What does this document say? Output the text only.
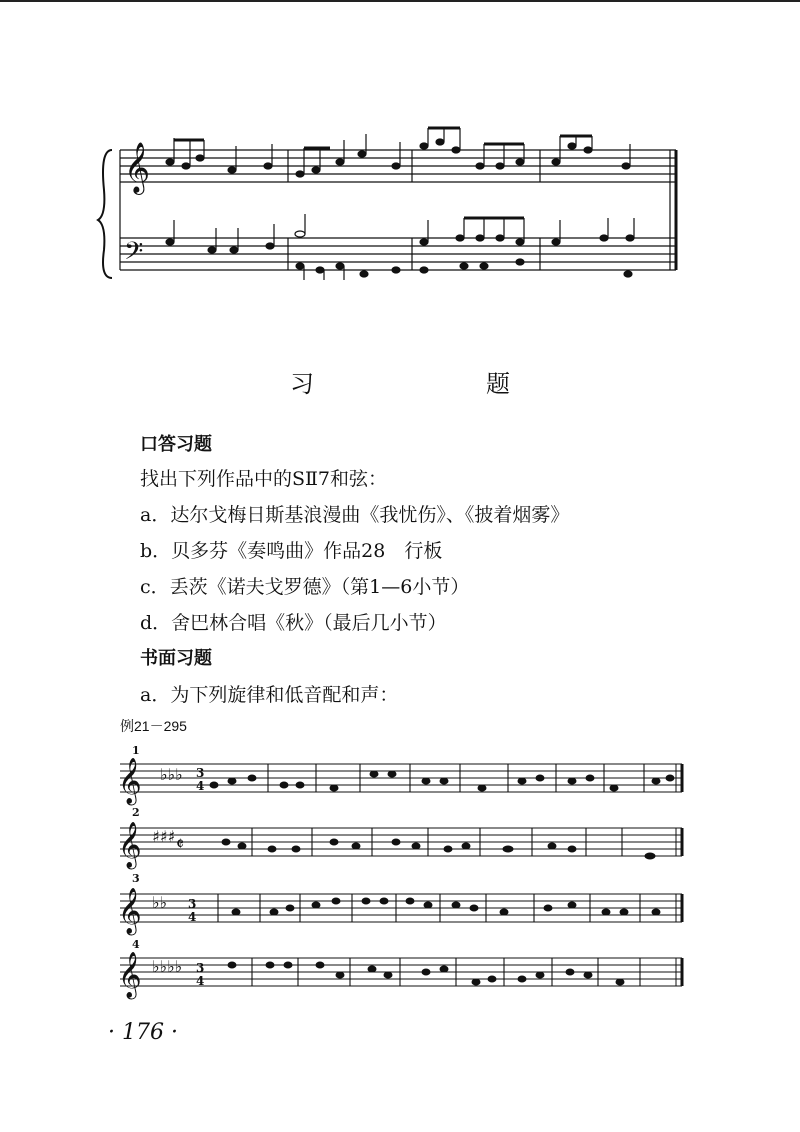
𝄞
𝄢
习　题
口答习题
找出下列作品中的SⅡ7和弦：
a．达尔戈梅日斯基浪漫曲《我忧伤》、《披着烟雾》
b．贝多芬《奏鸣曲》作品28　行板
c．丢茨《诺夫戈罗德》（第1—6小节）
d．舍巴林合唱《秋》（最后几小节）
书面习题
a．为下列旋律和低音配和声：
例21－295
1
2
3
4
𝄞
𝄞
𝄞
𝄞
♭♭♭
♯♯♯
♭♭
♭♭♭♭
3
4
3
4
3
4
𝄵
· 176 ·
